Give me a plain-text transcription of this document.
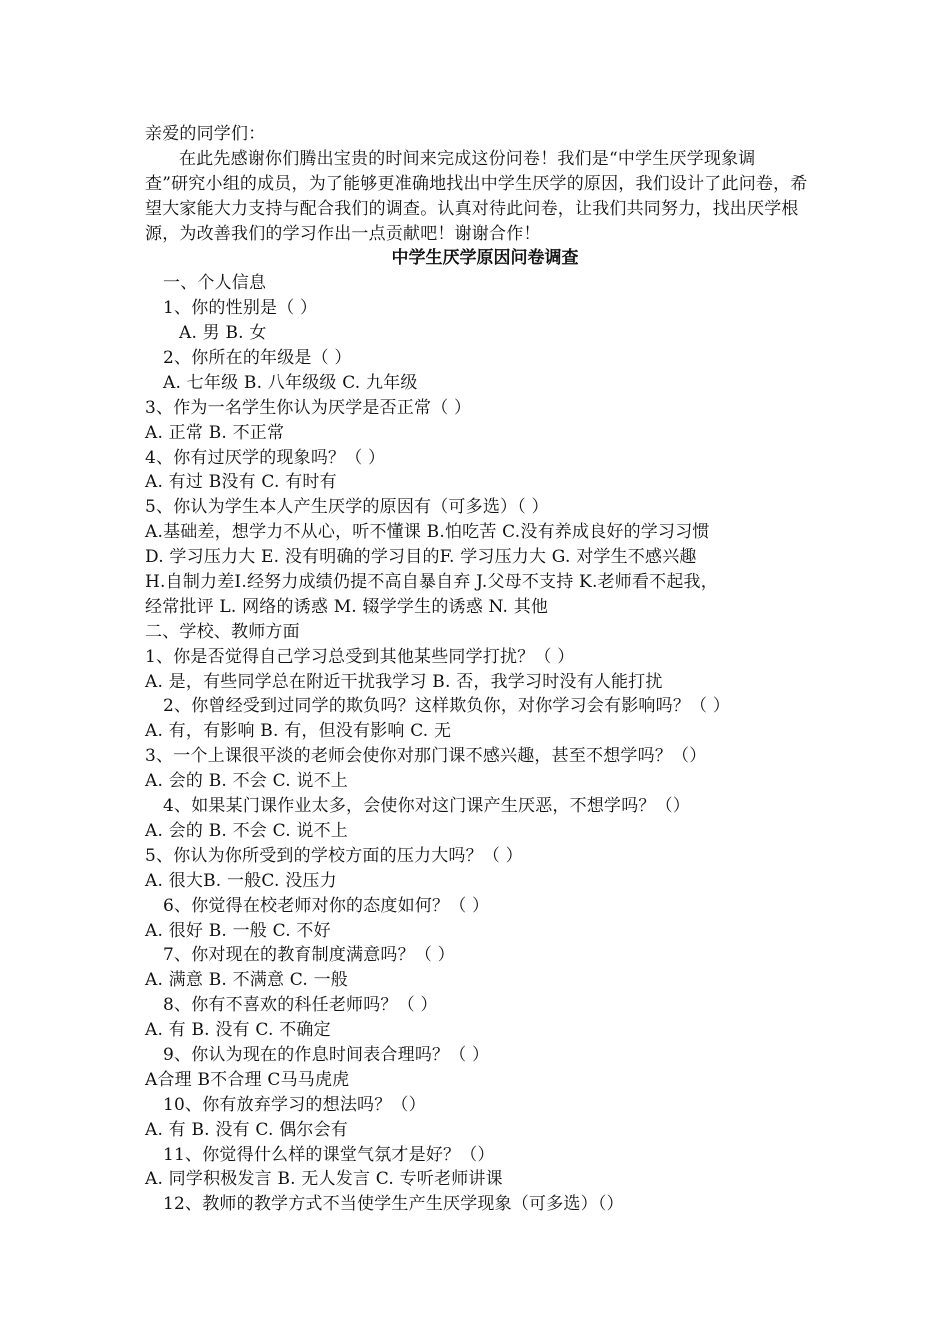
亲爱的同学们：
在此先感谢你们腾出宝贵的时间来完成这份问卷！我们是“中学生厌学现象调
查”研究小组的成员，为了能够更准确地找出中学生厌学的原因，我们设计了此问卷，希
望大家能大力支持与配合我们的调查。认真对待此问卷，让我们共同努力，找出厌学根
源，为改善我们的学习作出一点贡献吧！谢谢合作！
中学生厌学原因问卷调查
一、个人信息
1、你的性别是（ ）
A. 男 B. 女
2、你所在的年级是（ ）
A. 七年级 B. 八年级级 C. 九年级
3、作为一名学生你认为厌学是否正常（ ）
A. 正常 B. 不正常
4、你有过厌学的现象吗？（ ）
A. 有过 B没有 C. 有时有
5、你认为学生本人产生厌学的原因有（可多选）（ ）
A.基础差，想学力不从心，听不懂课 B.怕吃苦 C.没有养成良好的学习习惯
D. 学习压力大 E. 没有明确的学习目的F. 学习压力大 G. 对学生不感兴趣
H.自制力差I.经努力成绩仍提不高自暴自弃 J.父母不支持 K.老师看不起我，
经常批评 L. 网络的诱惑 M. 辍学学生的诱惑 N. 其他
二、学校、教师方面
1、你是否觉得自己学习总受到其他某些同学打扰？（ ）
A. 是，有些同学总在附近干扰我学习 B. 否，我学习时没有人能打扰
2、你曾经受到过同学的欺负吗？这样欺负你，对你学习会有影响吗？（ ）
A. 有，有影响 B. 有，但没有影响 C. 无
3、一个上课很平淡的老师会使你对那门课不感兴趣，甚至不想学吗？（）
A. 会的 B. 不会 C. 说不上
4、如果某门课作业太多，会使你对这门课产生厌恶，不想学吗？（）
A. 会的 B. 不会 C. 说不上
5、你认为你所受到的学校方面的压力大吗？（ ）
A. 很大B. 一般C. 没压力
6、你觉得在校老师对你的态度如何？（ ）
A. 很好 B. 一般 C. 不好
7、你对现在的教育制度满意吗？（ ）
A. 满意 B. 不满意 C. 一般
8、你有不喜欢的科任老师吗？（ ）
A. 有 B. 没有 C. 不确定
9、你认为现在的作息时间表合理吗？（ ）
A合理 B不合理 C马马虎虎
10、你有放弃学习的想法吗？（）
A. 有 B. 没有 C. 偶尔会有
11、你觉得什么样的课堂气氛才是好？（）
A. 同学积极发言 B. 无人发言 C. 专听老师讲课
12、教师的教学方式不当使学生产生厌学现象（可多选）（）
